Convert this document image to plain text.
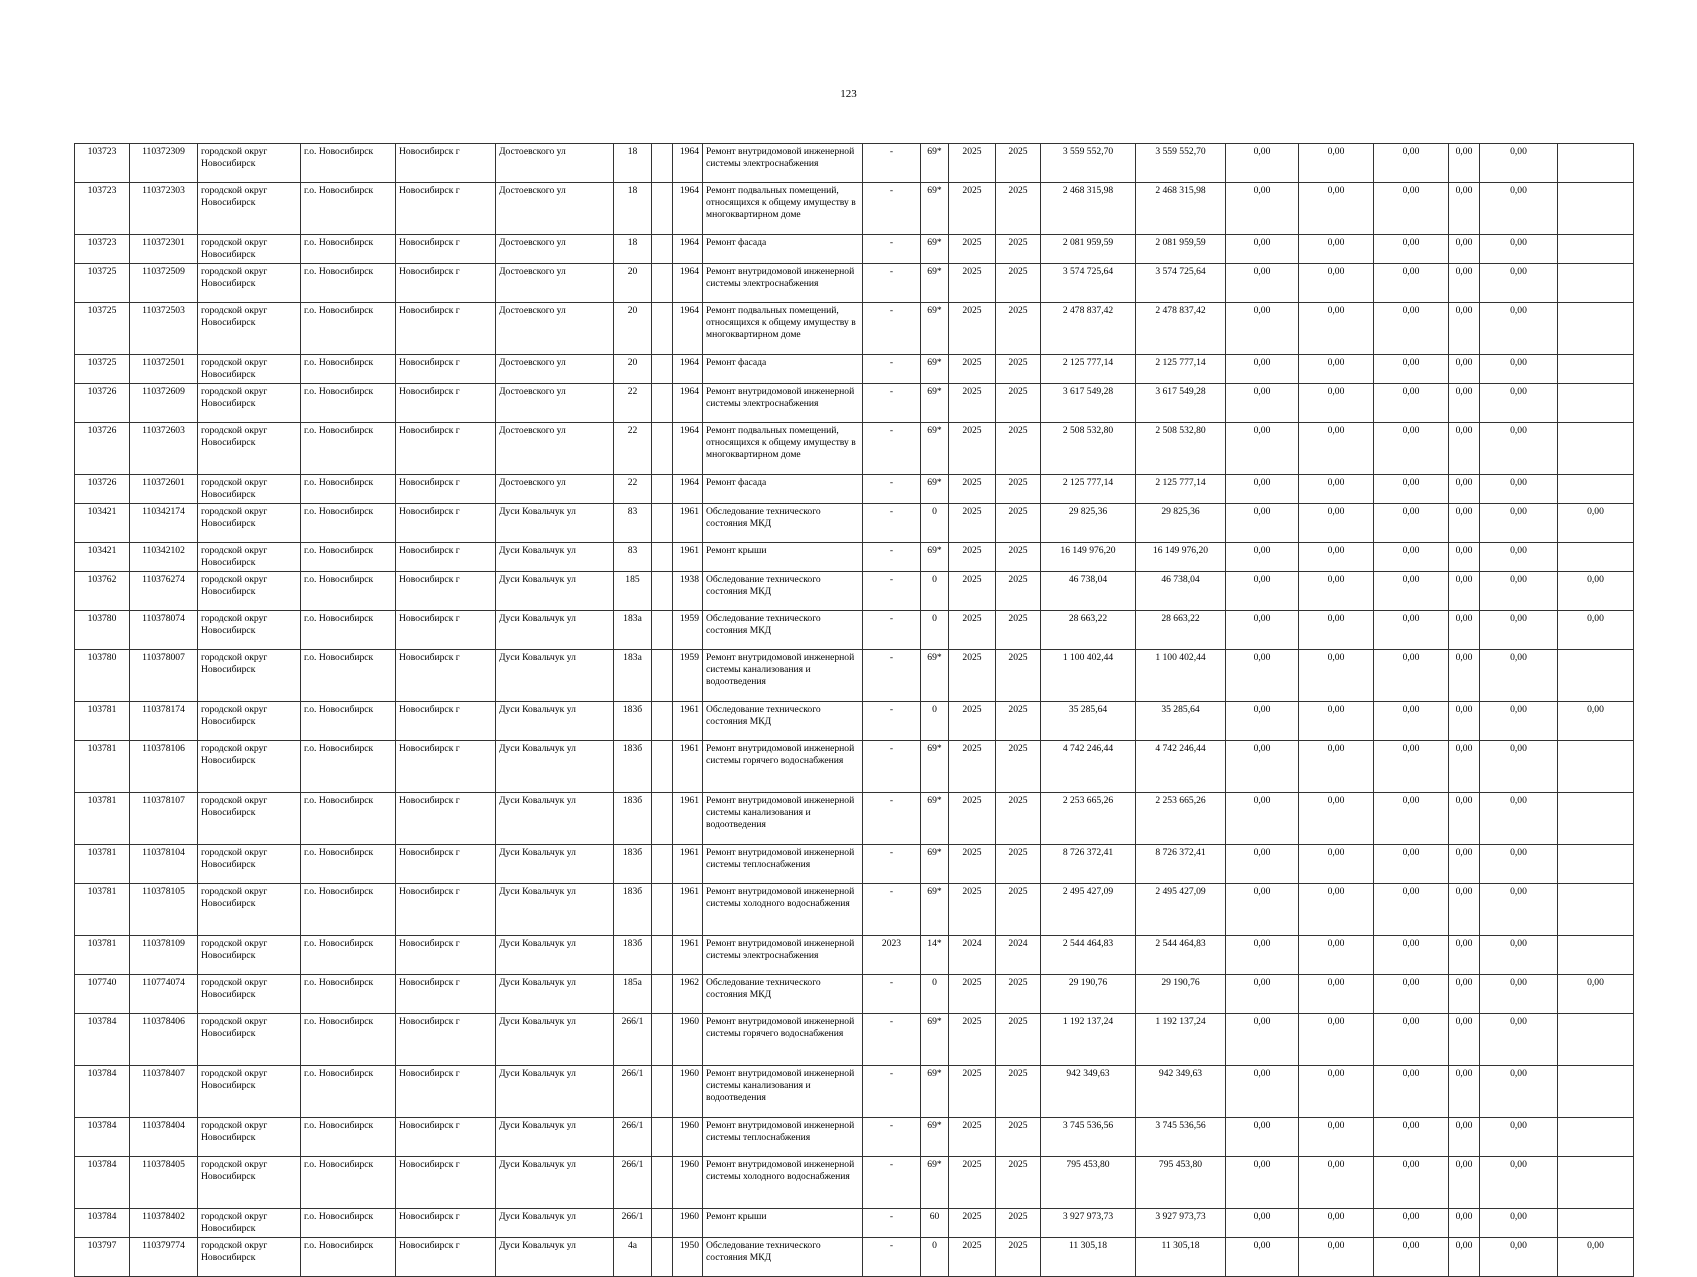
123
103723	110372309	городской округ Новосибирск	г.о. Новосибирск	Новосибирск г	Достоевского ул	18		1964	Ремонт внутридомовой инженерной системы электроснабжения	-	69*	2025	2025	3 559 552,70	3 559 552,70	0,00	0,00	0,00	0,00	0,00	
103723	110372303	городской округ Новосибирск	г.о. Новосибирск	Новосибирск г	Достоевского ул	18		1964	Ремонт подвальных помещений, относящихся к общему имуществу в многоквартирном доме	-	69*	2025	2025	2 468 315,98	2 468 315,98	0,00	0,00	0,00	0,00	0,00	
103723	110372301	городской округ Новосибирск	г.о. Новосибирск	Новосибирск г	Достоевского ул	18		1964	Ремонт фасада	-	69*	2025	2025	2 081 959,59	2 081 959,59	0,00	0,00	0,00	0,00	0,00	
103725	110372509	городской округ Новосибирск	г.о. Новосибирск	Новосибирск г	Достоевского ул	20		1964	Ремонт внутридомовой инженерной системы электроснабжения	-	69*	2025	2025	3 574 725,64	3 574 725,64	0,00	0,00	0,00	0,00	0,00	
103725	110372503	городской округ Новосибирск	г.о. Новосибирск	Новосибирск г	Достоевского ул	20		1964	Ремонт подвальных помещений, относящихся к общему имуществу в многоквартирном доме	-	69*	2025	2025	2 478 837,42	2 478 837,42	0,00	0,00	0,00	0,00	0,00	
103725	110372501	городской округ Новосибирск	г.о. Новосибирск	Новосибирск г	Достоевского ул	20		1964	Ремонт фасада	-	69*	2025	2025	2 125 777,14	2 125 777,14	0,00	0,00	0,00	0,00	0,00	
103726	110372609	городской округ Новосибирск	г.о. Новосибирск	Новосибирск г	Достоевского ул	22		1964	Ремонт внутридомовой инженерной системы электроснабжения	-	69*	2025	2025	3 617 549,28	3 617 549,28	0,00	0,00	0,00	0,00	0,00	
103726	110372603	городской округ Новосибирск	г.о. Новосибирск	Новосибирск г	Достоевского ул	22		1964	Ремонт подвальных помещений, относящихся к общему имуществу в многоквартирном доме	-	69*	2025	2025	2 508 532,80	2 508 532,80	0,00	0,00	0,00	0,00	0,00	
103726	110372601	городской округ Новосибирск	г.о. Новосибирск	Новосибирск г	Достоевского ул	22		1964	Ремонт фасада	-	69*	2025	2025	2 125 777,14	2 125 777,14	0,00	0,00	0,00	0,00	0,00	
103421	110342174	городской округ Новосибирск	г.о. Новосибирск	Новосибирск г	Дуси Ковальчук ул	83		1961	Обследование технического состояния МКД	-	0	2025	2025	29 825,36	29 825,36	0,00	0,00	0,00	0,00	0,00	0,00
103421	110342102	городской округ Новосибирск	г.о. Новосибирск	Новосибирск г	Дуси Ковальчук ул	83		1961	Ремонт крыши	-	69*	2025	2025	16 149 976,20	16 149 976,20	0,00	0,00	0,00	0,00	0,00	
103762	110376274	городской округ Новосибирск	г.о. Новосибирск	Новосибирск г	Дуси Ковальчук ул	185		1938	Обследование технического состояния МКД	-	0	2025	2025	46 738,04	46 738,04	0,00	0,00	0,00	0,00	0,00	0,00
103780	110378074	городской округ Новосибирск	г.о. Новосибирск	Новосибирск г	Дуси Ковальчук ул	183а		1959	Обследование технического состояния МКД	-	0	2025	2025	28 663,22	28 663,22	0,00	0,00	0,00	0,00	0,00	0,00
103780	110378007	городской округ Новосибирск	г.о. Новосибирск	Новосибирск г	Дуси Ковальчук ул	183а		1959	Ремонт внутридомовой инженерной системы канализования и водоотведения	-	69*	2025	2025	1 100 402,44	1 100 402,44	0,00	0,00	0,00	0,00	0,00	
103781	110378174	городской округ Новосибирск	г.о. Новосибирск	Новосибирск г	Дуси Ковальчук ул	183б		1961	Обследование технического состояния МКД	-	0	2025	2025	35 285,64	35 285,64	0,00	0,00	0,00	0,00	0,00	0,00
103781	110378106	городской округ Новосибирск	г.о. Новосибирск	Новосибирск г	Дуси Ковальчук ул	183б		1961	Ремонт внутридомовой инженерной системы горячего водоснабжения	-	69*	2025	2025	4 742 246,44	4 742 246,44	0,00	0,00	0,00	0,00	0,00	
103781	110378107	городской округ Новосибирск	г.о. Новосибирск	Новосибирск г	Дуси Ковальчук ул	183б		1961	Ремонт внутридомовой инженерной системы канализования и водоотведения	-	69*	2025	2025	2 253 665,26	2 253 665,26	0,00	0,00	0,00	0,00	0,00	
103781	110378104	городской округ Новосибирск	г.о. Новосибирск	Новосибирск г	Дуси Ковальчук ул	183б		1961	Ремонт внутридомовой инженерной системы теплоснабжения	-	69*	2025	2025	8 726 372,41	8 726 372,41	0,00	0,00	0,00	0,00	0,00	
103781	110378105	городской округ Новосибирск	г.о. Новосибирск	Новосибирск г	Дуси Ковальчук ул	183б		1961	Ремонт внутридомовой инженерной системы холодного водоснабжения	-	69*	2025	2025	2 495 427,09	2 495 427,09	0,00	0,00	0,00	0,00	0,00	
103781	110378109	городской округ Новосибирск	г.о. Новосибирск	Новосибирск г	Дуси Ковальчук ул	183б		1961	Ремонт внутридомовой инженерной системы электроснабжения	2023	14*	2024	2024	2 544 464,83	2 544 464,83	0,00	0,00	0,00	0,00	0,00	
107740	110774074	городской округ Новосибирск	г.о. Новосибирск	Новосибирск г	Дуси Ковальчук ул	185а		1962	Обследование технического состояния МКД	-	0	2025	2025	29 190,76	29 190,76	0,00	0,00	0,00	0,00	0,00	0,00
103784	110378406	городской округ Новосибирск	г.о. Новосибирск	Новосибирск г	Дуси Ковальчук ул	266/1		1960	Ремонт внутридомовой инженерной системы горячего водоснабжения	-	69*	2025	2025	1 192 137,24	1 192 137,24	0,00	0,00	0,00	0,00	0,00	
103784	110378407	городской округ Новосибирск	г.о. Новосибирск	Новосибирск г	Дуси Ковальчук ул	266/1		1960	Ремонт внутридомовой инженерной системы канализования и водоотведения	-	69*	2025	2025	942 349,63	942 349,63	0,00	0,00	0,00	0,00	0,00	
103784	110378404	городской округ Новосибирск	г.о. Новосибирск	Новосибирск г	Дуси Ковальчук ул	266/1		1960	Ремонт внутридомовой инженерной системы теплоснабжения	-	69*	2025	2025	3 745 536,56	3 745 536,56	0,00	0,00	0,00	0,00	0,00	
103784	110378405	городской округ Новосибирск	г.о. Новосибирск	Новосибирск г	Дуси Ковальчук ул	266/1		1960	Ремонт внутридомовой инженерной системы холодного водоснабжения	-	69*	2025	2025	795 453,80	795 453,80	0,00	0,00	0,00	0,00	0,00	
103784	110378402	городской округ Новосибирск	г.о. Новосибирск	Новосибирск г	Дуси Ковальчук ул	266/1		1960	Ремонт крыши	-	60	2025	2025	3 927 973,73	3 927 973,73	0,00	0,00	0,00	0,00	0,00	
103797	110379774	городской округ Новосибирск	г.о. Новосибирск	Новосибирск г	Дуси Ковальчук ул	4а		1950	Обследование технического состояния МКД	-	0	2025	2025	11 305,18	11 305,18	0,00	0,00	0,00	0,00	0,00	0,00
